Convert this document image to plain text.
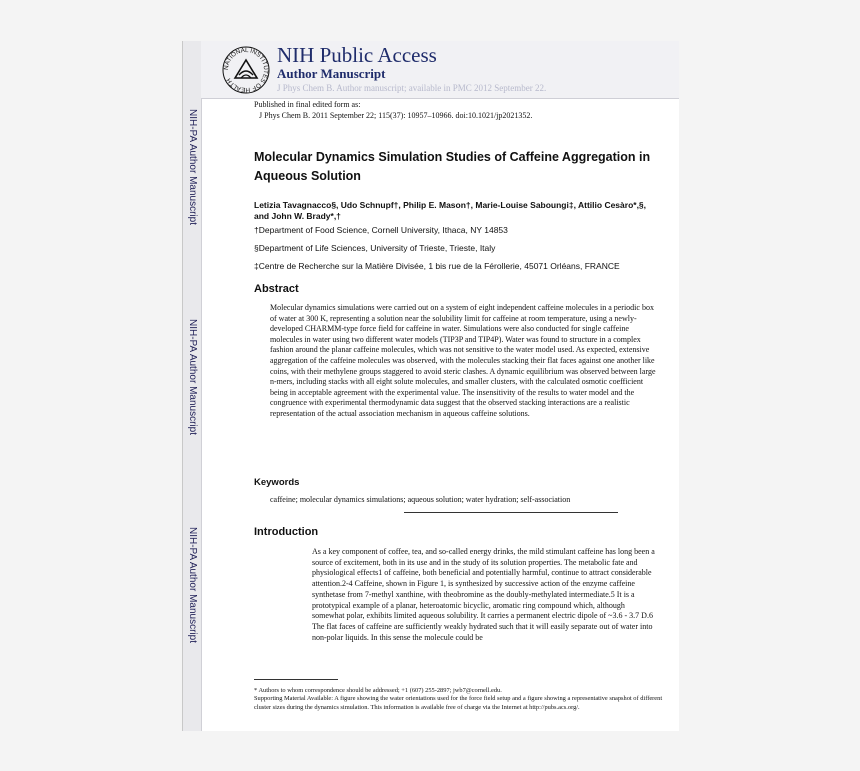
NIH-PA Author Manuscript
NIH-PA Author Manuscript
NIH-PA Author Manuscript
NATIONAL INSTITUTES OF HEALTH
NIH Public Access
Author Manuscript
J Phys Chem B. Author manuscript; available in PMC 2012 September 22.
Published in final edited form as:
J Phys Chem B. 2011 September 22; 115(37): 10957–10966. doi:10.1021/jp2021352.
Molecular Dynamics Simulation Studies of Caffeine Aggregation in Aqueous Solution
Letizia Tavagnacco§, Udo Schnupf†, Philip E. Mason†, Marie-Louise Saboungi‡, Attilio Cesàro*,§, and John W. Brady*,†
†Department of Food Science, Cornell University, Ithaca, NY 14853
§Department of Life Sciences, University of Trieste, Trieste, Italy
‡Centre de Recherche sur la Matière Divisée, 1 bis rue de la Férollerie, 45071 Orléans, FRANCE
Abstract
Molecular dynamics simulations were carried out on a system of eight independent caffeine molecules in a periodic box of water at 300 K, representing a solution near the solubility limit for caffeine at room temperature, using a newly-developed CHARMM-type force field for caffeine in water. Simulations were also conducted for single caffeine molecules in water using two different water models (TIP3P and TIP4P). Water was found to structure in a complex fashion around the planar caffeine molecules, which was not sensitive to the water model used. As expected, extensive aggregation of the caffeine molecules was observed, with the molecules stacking their flat faces against one another like coins, with their methylene groups staggered to avoid steric clashes. A dynamic equilibrium was observed between large n-mers, including stacks with all eight solute molecules, and smaller clusters, with the calculated osmotic coefficient being in acceptable agreement with the experimental value. The insensitivity of the results to water model and the congruence with experimental thermodynamic data suggest that the observed stacking interactions are a realistic representation of the actual association mechanism in aqueous caffeine solutions.
Keywords
caffeine; molecular dynamics simulations; aqueous solution; water hydration; self-association
Introduction
As a key component of coffee, tea, and so-called energy drinks, the mild stimulant caffeine has long been a source of excitement, both in its use and in the study of its solution properties. The metabolic fate and physiological effects1 of caffeine, both beneficial and potentially harmful, continue to attract considerable attention.2-4 Caffeine, shown in Figure 1, is synthesized by successive action of the enzyme caffeine synthetase from 7-methyl xanthine, with theobromine as the doubly-methylated intermediate.5 It is a prototypical example of a planar, heteroatomic bicyclic, aromatic ring compound which, although somewhat polar, exhibits limited aqueous solubility. It carries a permanent electric dipole of ~3.6 - 3.7 D.6 The flat faces of caffeine are sufficiently weakly hydrated such that it will easily separate out of water into non-polar liquids. In this sense the molecule could be

* Authors to whom correspondence should be addressed; +1 (607) 255-2897; jwb7@cornell.edu.

Supporting Material Available: A figure showing the water orientations used for the force field setup and a figure showing a representative snapshot of different cluster sizes during the dynamics simulation. This information is available free of charge via the Internet at http://pubs.acs.org/.
